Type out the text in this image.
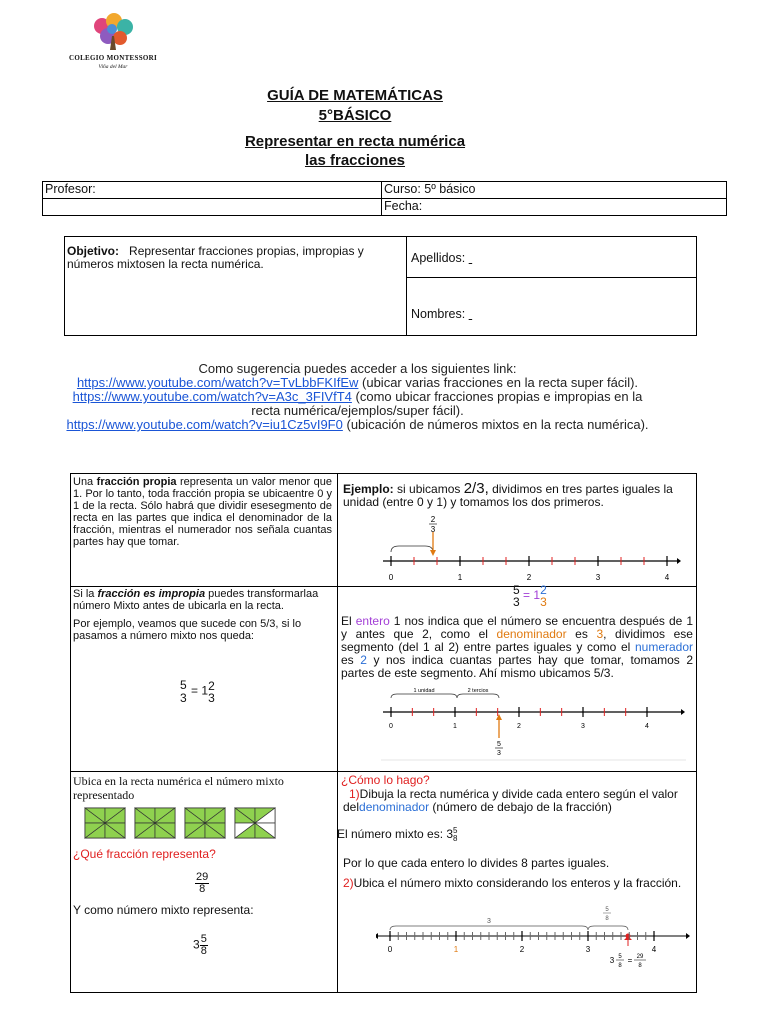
COLEGIO MONTESSORI
Viña del Mar
GUÍA DE MATEMÁTICAS
5°BÁSICO
Representar en recta numérica
las fracciones
Profesor:	Curso: 5º básico
	Fecha:
Objetivo: Representar fracciones propias, impropias y números mixtosen la recta numérica.	Apellidos:
Nombres:
Como sugerencia puedes acceder a los siguientes link:
https://www.youtube.com/watch?v=TvLbbFKIfEw (ubicar varias fracciones en la recta super fácil).
https://www.youtube.com/watch?v=A3c_3FIVfT4 (como ubicar fracciones propias e impropias en la recta numérica/ejemplos/super fácil).
https://www.youtube.com/watch?v=iu1Cz5vI9F0 (ubicación de números mixtos en la recta numérica).
Una fracción propia representa un valor menor que 1. Por lo tanto, toda fracción propia se ubicaentre 0 y 1 de la recta. Sólo habrá que dividir esesegmento de recta en las partes que indica el denominador de la fracción, mientras el numerador nos señala cuantas partes hay que tomar.
Ejemplo: si ubicamos 2/3, dividimos en tres partes iguales la unidad (entre 0 y 1) y tomamos los dos primeros.
2
3
0	1	2	3	4
Si la fracción es impropia puedes transformarlaa número Mixto antes de ubicarla en la recta.
Por ejemplo, veamos que sucede con 5/3, si lo pasamos a número mixto nos queda:
5
3
= 1 2
3
5
3 = 1 2
3
El entero 1 nos indica que el número se encuentra después de 1 y antes que 2, como el denominador es 3, dividimos ese segmento (del 1 al 2) entre partes iguales y como el numerador es 2 y nos indica cuantas partes hay que tomar, tomamos 2 partes de este segmento. Ahí mismo ubicamos 5/3.
1 unidad	2 tercios
5
3
0	1	2	3	4
Ubica en la recta numérica el número mixto representado
¿Qué fracción representa?
$\frac{29}{8}$
Y como número mixto representa:
$3 \frac{5}{8}$
¿Cómo lo hago?
1)Dibuja la recta numérica y divide cada entero según el valor deldenominador (número de debajo de la fracción)
El número mixto es: 3 5
8
Por lo que cada entero lo divides 8 partes iguales.
2)Ubica el número mixto considerando los enteros y la fracción.
3
5
8
0	1	2	3	4
3 5
8
= 29
8
